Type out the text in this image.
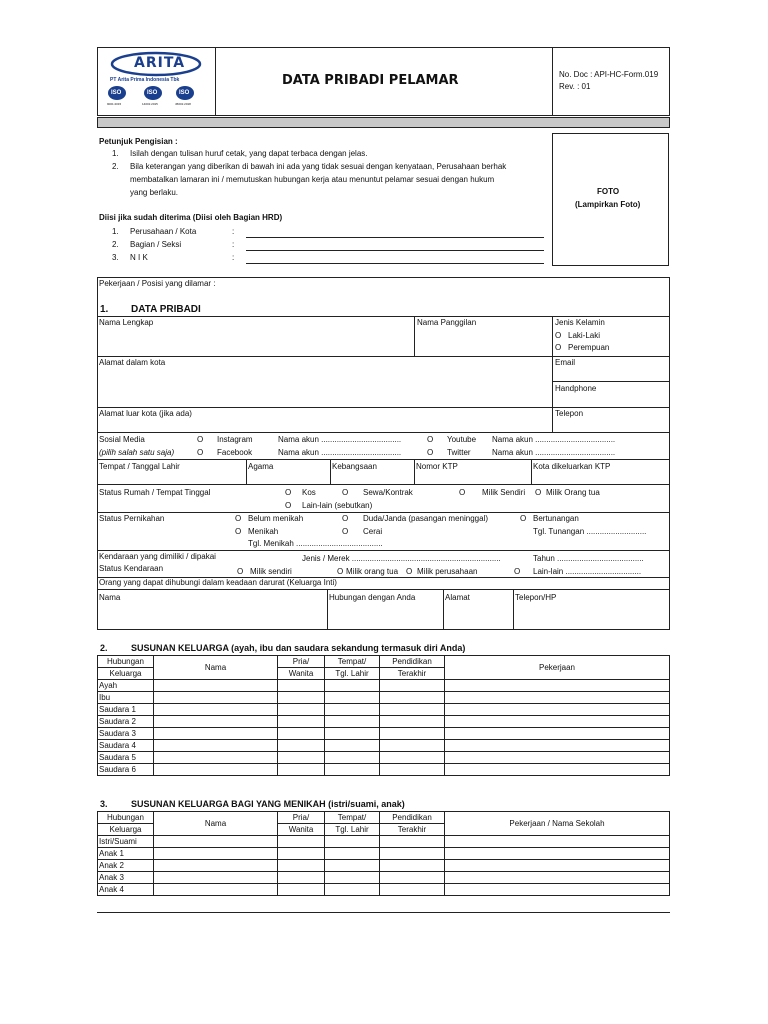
ARITA
PT Arita Prima Indonesia Tbk
ISO	ISO	ISO
9001:2015	14001:2015	45001:2018
DATA PRIBADI PELAMAR	No. Doc : API-HC-Form.019
Rev. : 01
Petunjuk Pengisian :
1. Isilah dengan tulisan huruf cetak, yang dapat terbaca dengan jelas.
2. Bila keterangan yang diberikan di bawah ini ada yang tidak sesuai dengan kenyataan, Perusahaan berhak
membatalkan lamaran ini / memutuskan hubungan kerja atau menuntut pelamar sesuai dengan hukum
yang berlaku.
Diisi jika sudah diterima (Diisi oleh Bagian HRD)
1. Perusahaan / Kota	:
2. Bagian / Seksi	:
3. N I K	:
FOTO
(Lampirkan Foto)
Pekerjaan / Posisi yang dilamar :
1. DATA PRIBADI
Nama Lengkap	Nama Panggilan	Jenis Kelamin
O Laki-Laki
O Perempuan
Alamat dalam kota	Email
Handphone
Alamat luar kota (jika ada)	Telepon
Sosial Media
(pilih salah satu saja)
O Instagram	Nama akun ....................................
O Facebook	Nama akun ....................................
O Youtube Nama akun ....................................
O Twitter	Nama akun ....................................
Tempat / Tanggal Lahir	Agama	Kebangsaan	Nomor KTP	Kota dikeluarkan KTP
Status Rumah / Tempat Tinggal	O Kos	O Sewa/Kontrak	O Milik Sendiri O Milik Orang tua
O Lain-lain (sebutkan)
Status Pernikahan	O Belum menikah	O Duda/Janda (pasangan meninggal)	O Bertunangan
O Menikah	O Cerai	Tgl. Tunangan ...........................
Tgl. Menikah .......................................
Kendaraan yang dimiliki / dipakai	Jenis / Merek ...................................................................	Tahun .......................................
Status Kendaraan	O Milik sendiri	O Milik orang tua O Milik perusahaan	O Lain-lain ..................................
Orang yang dapat dihubungi dalam keadaan darurat (Keluarga Inti)
Nama	Hubungan dengan Anda	Alamat	Telepon/HP
2.	SUSUNAN KELUARGA (ayah, ibu dan saudara sekandung termasuk diri Anda)
Hubungan	Nama	Pria/	Tempat/	Pendidikan	Pekerjaan
Keluarga		Wanita	Tgl. Lahir	Terakhir	
Ayah					
Ibu					
Saudara 1					
Saudara 2					
Saudara 3					
Saudara 4					
Saudara 5					
Saudara 6					
3.	SUSUNAN KELUARGA BAGI YANG MENIKAH (istri/suami, anak)
Hubungan	Nama	Pria/	Tempat/	Pendidikan	Pekerjaan / Nama Sekolah
Keluarga		Wanita	Tgl. Lahir	Terakhir	
Istri/Suami					
Anak 1					
Anak 2					
Anak 3					
Anak 4					
